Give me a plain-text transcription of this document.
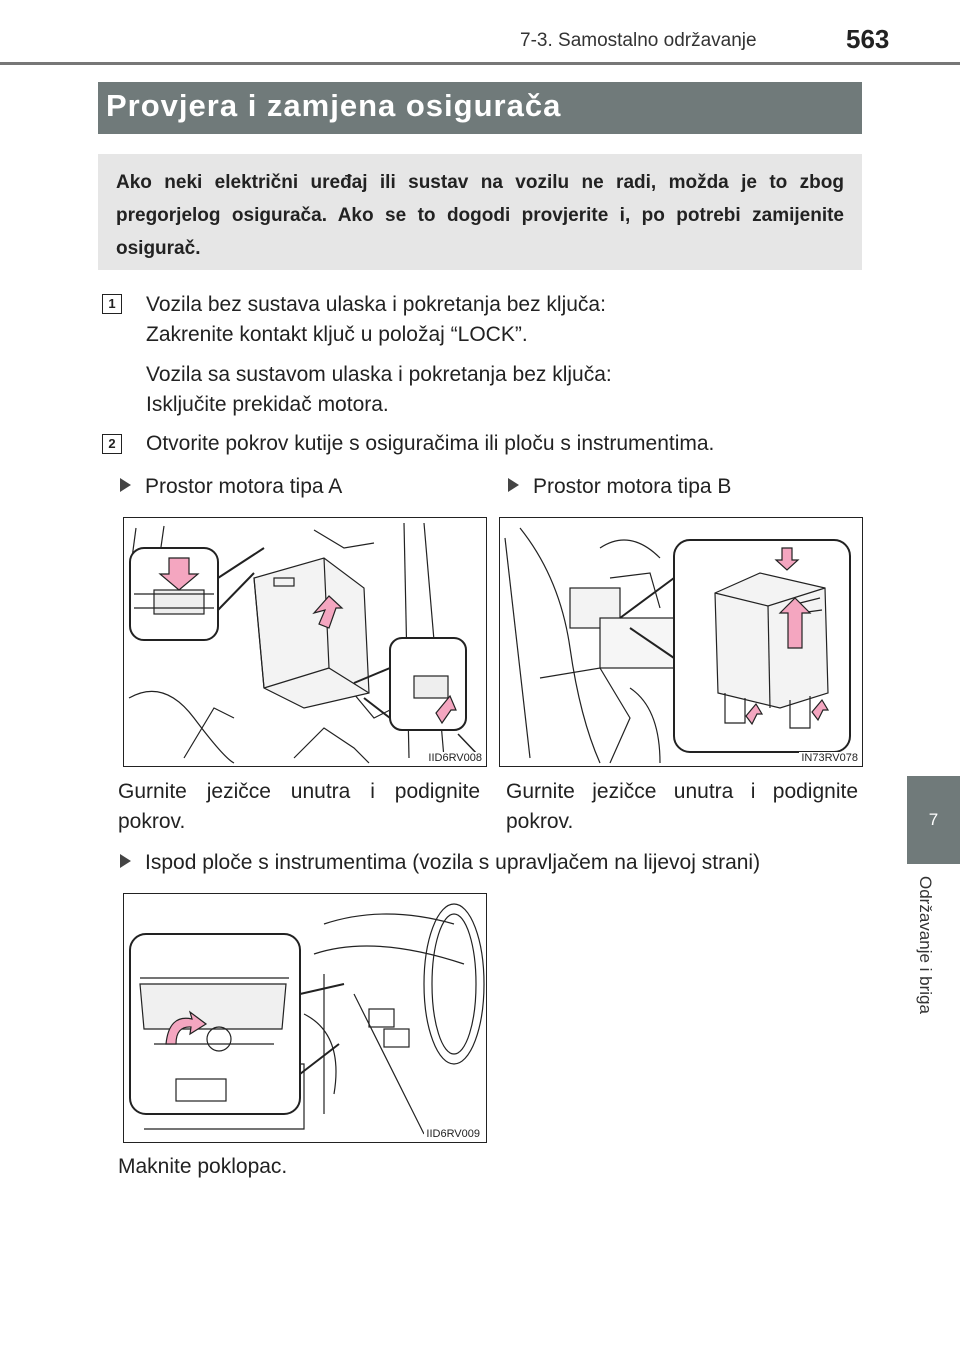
7-3. Samostalno održavanje	563
Provjera i zamjena osigurača

Ako neki električni uređaj ili sustav na vozilu ne radi, možda je to zbog pregorjelog osigurača. Ako se to dogodi provjerite i, po potrebi zamijenite osigurač.

1	Vozila bez sustava ulaska i pokretanja bez ključa:

Zakrenite kontakt ključ u položaj “LOCK”.

Vozila sa sustavom ulaska i pokretanja bez ključa:

Isključite prekidač motora.

2	Otvorite pokrov kutije s osiguračima ili ploču s instrumentima.

Prostor motora tipa A
IID6RV008

Gurnite jezičce unutra i podignite pokrov.

Prostor motora tipa B
IN73RV078

Gurnite jezičce unutra i podignite pokrov.

Ispod ploče s instrumentima (vozila s upravljačem na lijevoj strani)
IID6RV009

Maknite poklopac.

7
Održavanje i briga
